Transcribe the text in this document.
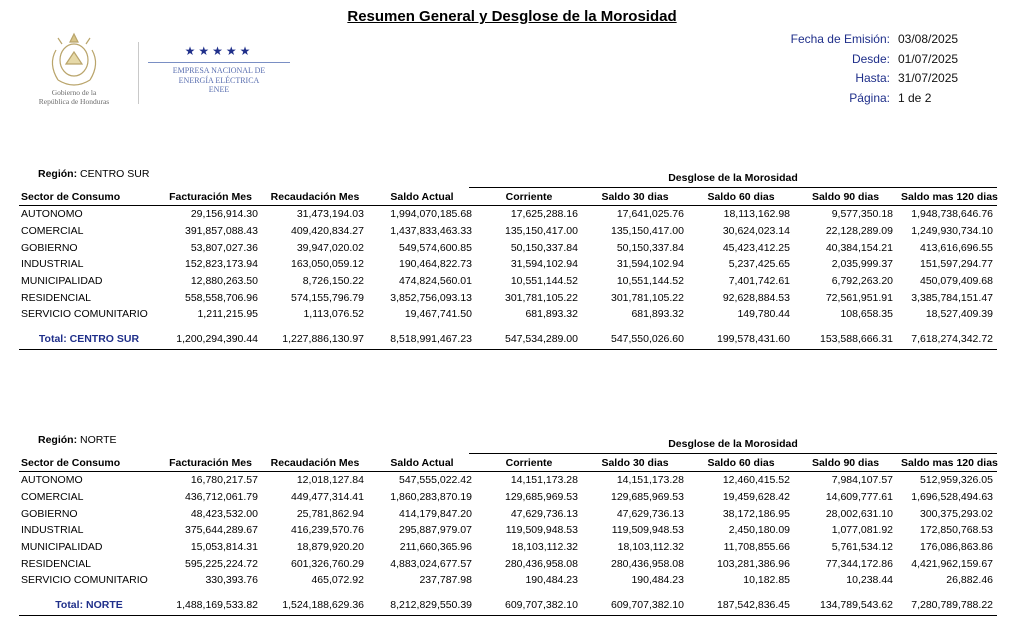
Resumen General y Desglose de la Morosidad
Gobierno de la
República de Honduras
★★★★★
EMPRESA NACIONAL DE
ENERGÍA ELÉCTRICA
ENEE
Fecha de Emisión: 03/08/2025
Desde: 01/07/2025
Hasta: 31/07/2025
Página: 1 de 2
Región: CENTRO SUR	Desglose de la Morosidad
Sector de Consumo	Facturación Mes	Recaudación Mes	Saldo Actual	Corriente	Saldo 30 dias	Saldo 60 dias	Saldo 90 dias	Saldo mas 120 dias
AUTONOMO	29,156,914.30	31,473,194.03	1,994,070,185.68	17,625,288.16	17,641,025.76	18,113,162.98	9,577,350.18	1,948,738,646.76
COMERCIAL	391,857,088.43	409,420,834.27	1,437,833,463.33	135,150,417.00	135,150,417.00	30,624,023.14	22,128,289.09	1,249,930,734.10
GOBIERNO	53,807,027.36	39,947,020.02	549,574,600.85	50,150,337.84	50,150,337.84	45,423,412.25	40,384,154.21	413,616,696.55
INDUSTRIAL	152,823,173.94	163,050,059.12	190,464,822.73	31,594,102.94	31,594,102.94	5,237,425.65	2,035,999.37	151,597,294.77
MUNICIPALIDAD	12,880,263.50	8,726,150.22	474,824,560.01	10,551,144.52	10,551,144.52	7,401,742.61	6,792,263.20	450,079,409.68
RESIDENCIAL	558,558,706.96	574,155,796.79	3,852,756,093.13	301,781,105.22	301,781,105.22	92,628,884.53	72,561,951.91	3,385,784,151.47
SERVICIO COMUNITARIO	1,211,215.95	1,113,076.52	19,467,741.50	681,893.32	681,893.32	149,780.44	108,658.35	18,527,409.39

Total: CENTRO SUR	1,200,294,390.44	1,227,886,130.97	8,518,991,467.23	547,534,289.00	547,550,026.60	199,578,431.60	153,588,666.31	7,618,274,342.72
Región: NORTE	Desglose de la Morosidad
Sector de Consumo	Facturación Mes	Recaudación Mes	Saldo Actual	Corriente	Saldo 30 dias	Saldo 60 dias	Saldo 90 dias	Saldo mas 120 dias
AUTONOMO	16,780,217.57	12,018,127.84	547,555,022.42	14,151,173.28	14,151,173.28	12,460,415.52	7,984,107.57	512,959,326.05
COMERCIAL	436,712,061.79	449,477,314.41	1,860,283,870.19	129,685,969.53	129,685,969.53	19,459,628.42	14,609,777.61	1,696,528,494.63
GOBIERNO	48,423,532.00	25,781,862.94	414,179,847.20	47,629,736.13	47,629,736.13	38,172,186.95	28,002,631.10	300,375,293.02
INDUSTRIAL	375,644,289.67	416,239,570.76	295,887,979.07	119,509,948.53	119,509,948.53	2,450,180.09	1,077,081.92	172,850,768.53
MUNICIPALIDAD	15,053,814.31	18,879,920.20	211,660,365.96	18,103,112.32	18,103,112.32	11,708,855.66	5,761,534.12	176,086,863.86
RESIDENCIAL	595,225,224.72	601,326,760.29	4,883,024,677.57	280,436,958.08	280,436,958.08	103,281,386.96	77,344,172.86	4,421,962,159.67
SERVICIO COMUNITARIO	330,393.76	465,072.92	237,787.98	190,484.23	190,484.23	10,182.85	10,238.44	26,882.46

Total: NORTE	1,488,169,533.82	1,524,188,629.36	8,212,829,550.39	609,707,382.10	609,707,382.10	187,542,836.45	134,789,543.62	7,280,789,788.22
